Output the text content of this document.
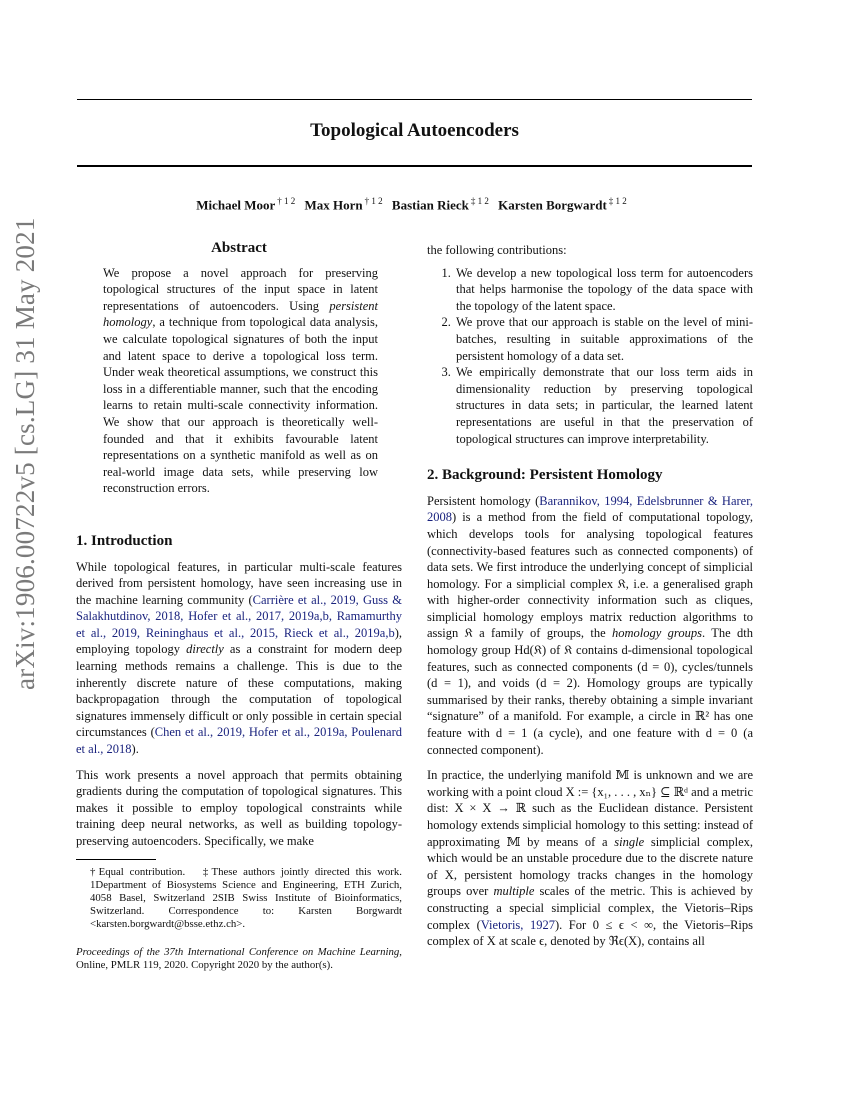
Topological Autoencoders
Michael Moor $^{\dagger 1 2}$ Max Horn $^{\dagger 1 2}$ Bastian Rieck $^{\ddagger 1 2}$ Karsten Borgwardt $^{\ddagger 1 2}$
arXiv:1906.00722v5 [cs.LG] 31 May 2021	Abstract
We propose a novel approach for preserving topological structures of the input space in latent representations of autoencoders. Using persistent homology, a technique from topological data analysis, we calculate topological signatures of both the input and latent space to derive a topological loss term. Under weak theoretical assumptions, we construct this loss in a differentiable manner, such that the encoding learns to retain multi-scale connectivity information. We show that our approach is theoretically well-founded and that it exhibits favourable latent representations on a synthetic manifold as well as on real-world image data sets, while preserving low reconstruction errors.
1. Introduction

While topological features, in particular multi-scale features derived from persistent homology, have seen increasing use in the machine learning community (Carrière et al., 2019, Guss & Salakhutdinov, 2018, Hofer et al., 2017, 2019a,b, Ramamurthy et al., 2019, Reininghaus et al., 2015, Rieck et al., 2019a,b), employing topology directly as a constraint for modern deep learning methods remains a challenge. This is due to the inherently discrete nature of these computations, making backpropagation through the computation of topological signatures immensely difficult or only possible in certain special circumstances (Chen et al., 2019, Hofer et al., 2019a, Poulenard et al., 2018).

This work presents a novel approach that permits obtaining gradients during the computation of topological signatures. This makes it possible to employ topological constraints while training deep neural networks, as well as building topology-preserving autoencoders. Specifically, we make

†Equal contribution. ‡These authors jointly directed this work. 1Department of Biosystems Science and Engineering, ETH Zurich, 4058 Basel, Switzerland 2SIB Swiss Institute of Bioinformatics, Switzerland. Correspondence to: Karsten Borgwardt <karsten.borgwardt@bsse.ethz.ch>.
Proceedings of the 37th International Conference on Machine Learning, Online, PMLR 119, 2020. Copyright 2020 by the author(s).

the following contributions:

1. We develop a new topological loss term for autoencoders that helps harmonise the topology of the data space with the topology of the latent space.
2. We prove that our approach is stable on the level of mini-batches, resulting in suitable approximations of the persistent homology of a data set.
3. We empirically demonstrate that our loss term aids in dimensionality reduction by preserving topological structures in data sets; in particular, the learned latent representations are useful in that the preservation of topological structures can improve interpretability.
2. Background: Persistent Homology

Persistent homology (Barannikov, 1994, Edelsbrunner & Harer, 2008) is a method from the field of computational topology, which develops tools for analysing topological features (connectivity-based features such as connected components) of data sets. We first introduce the underlying concept of simplicial homology. For a simplicial complex 𝔎, i.e. a generalised graph with higher-order connectivity information such as cliques, simplicial homology employs matrix reduction algorithms to assign 𝔎 a family of groups, the homology groups. The dth homology group Hd(𝔎) of 𝔎 contains d-dimensional topological features, such as connected components (d = 0), cycles/tunnels (d = 1), and voids (d = 2). Homology groups are typically summarised by their ranks, thereby obtaining a simple invariant “signature” of a manifold. For example, a circle in ℝ² has one feature with d = 1 (a cycle), and one feature with d = 0 (a connected component).

In practice, the underlying manifold 𝕄 is unknown and we are working with a point cloud X := {x₁, . . . , xₙ} ⊆ ℝᵈ and a metric dist: X × X → ℝ such as the Euclidean distance. Persistent homology extends simplicial homology to this setting: instead of approximating 𝕄 by means of a single simplicial complex, which would be an unstable procedure due to the discrete nature of X, persistent homology tracks changes in the homology groups over multiple scales of the metric. This is achieved by constructing a special simplicial complex, the Vietoris–Rips complex (Vietoris, 1927). For 0 ≤ ϵ < ∞, the Vietoris–Rips complex of X at scale ϵ, denoted by ℜϵ(X), contains all
